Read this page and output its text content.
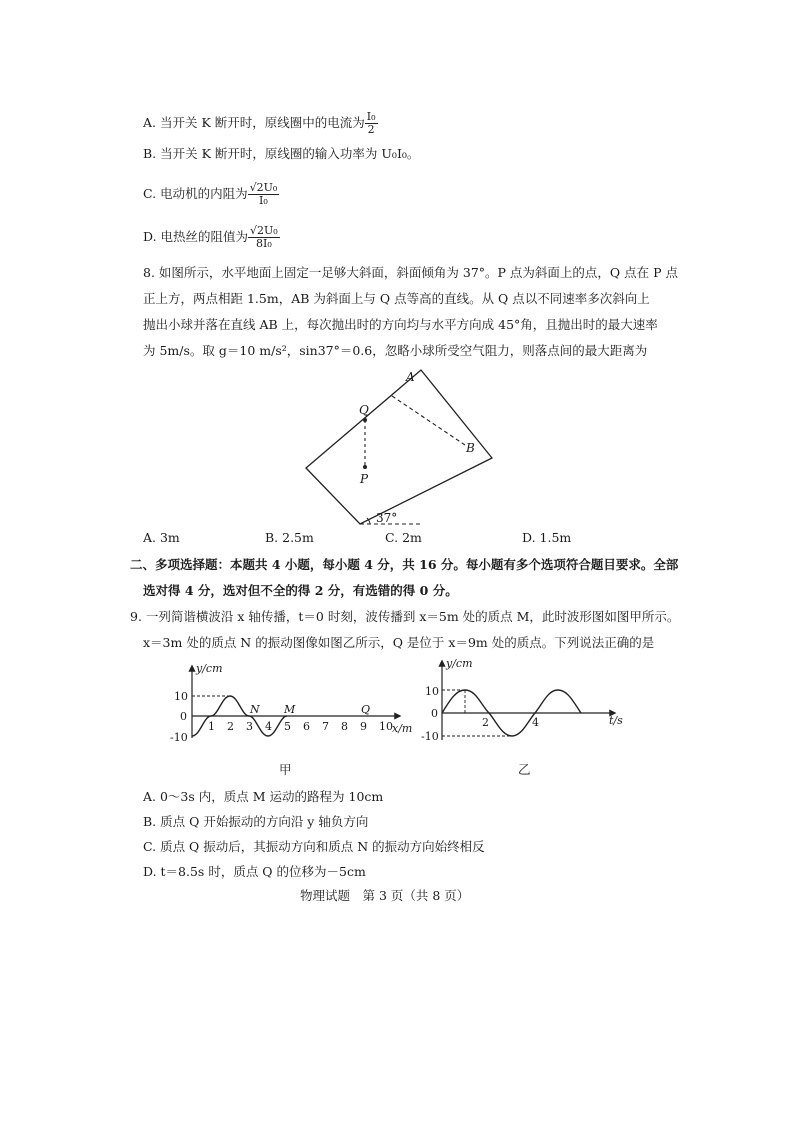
A. 当开关 K 断开时，原线圈中的电流为 $\frac{\text{I₀}}{2}$
B. 当开关 K 断开时，原线圈的输入功率为 U₀I₀。
C. 电动机的内阻为 $\frac{\text{√2U₀}}{\text{I₀}}$
D. 电热丝的阻值为 $\frac{\text{√2U₀}}{\text{8I₀}}$
8. 如图所示，水平地面上固定一足够大斜面，斜面倾角为 37°。P 点为斜面上的点，Q 点在 P 点
正上方，两点相距 1.5m，AB 为斜面上与 Q 点等高的直线。从 Q 点以不同速率多次斜向上
抛出小球并落在直线 AB 上，每次抛出时的方向均与水平方向成 45°角，且抛出时的最大速率
为 5m/s。取 g＝10 m/s²，sin37°＝0.6，忽略小球所受空气阻力，则落点间的最大距离为
A
B
Q
P
37°
A. 3m	B. 2.5m	C. 2m	D. 1.5m
二、多项选择题：本题共 4 小题，每小题 4 分，共 16 分。每小题有多个选项符合题目要求。全部
选对得 4 分，选对但不全的得 2 分，有选错的得 0 分。
9. 一列简谐横波沿 x 轴传播，t＝0 时刻，波传播到 x＝5m 处的质点 M，此时波形图如图甲所示。
x＝3m 处的质点 N 的振动图像如图乙所示，Q 是位于 x＝9m 处的质点。下列说法正确的是
y/cm
x/m
10
0
-10
1 2 3 4 5 6 7 8 9 10
N M	Q
甲
y/cm
t/s
10
0
-10
2	4
乙
A. 0～3s 内，质点 M 运动的路程为 10cm
B. 质点 Q 开始振动的方向沿 y 轴负方向
C. 质点 Q 振动后，其振动方向和质点 N 的振动方向始终相反
D. t＝8.5s 时，质点 Q 的位移为－5cm
物理试题　第 3 页（共 8 页）
